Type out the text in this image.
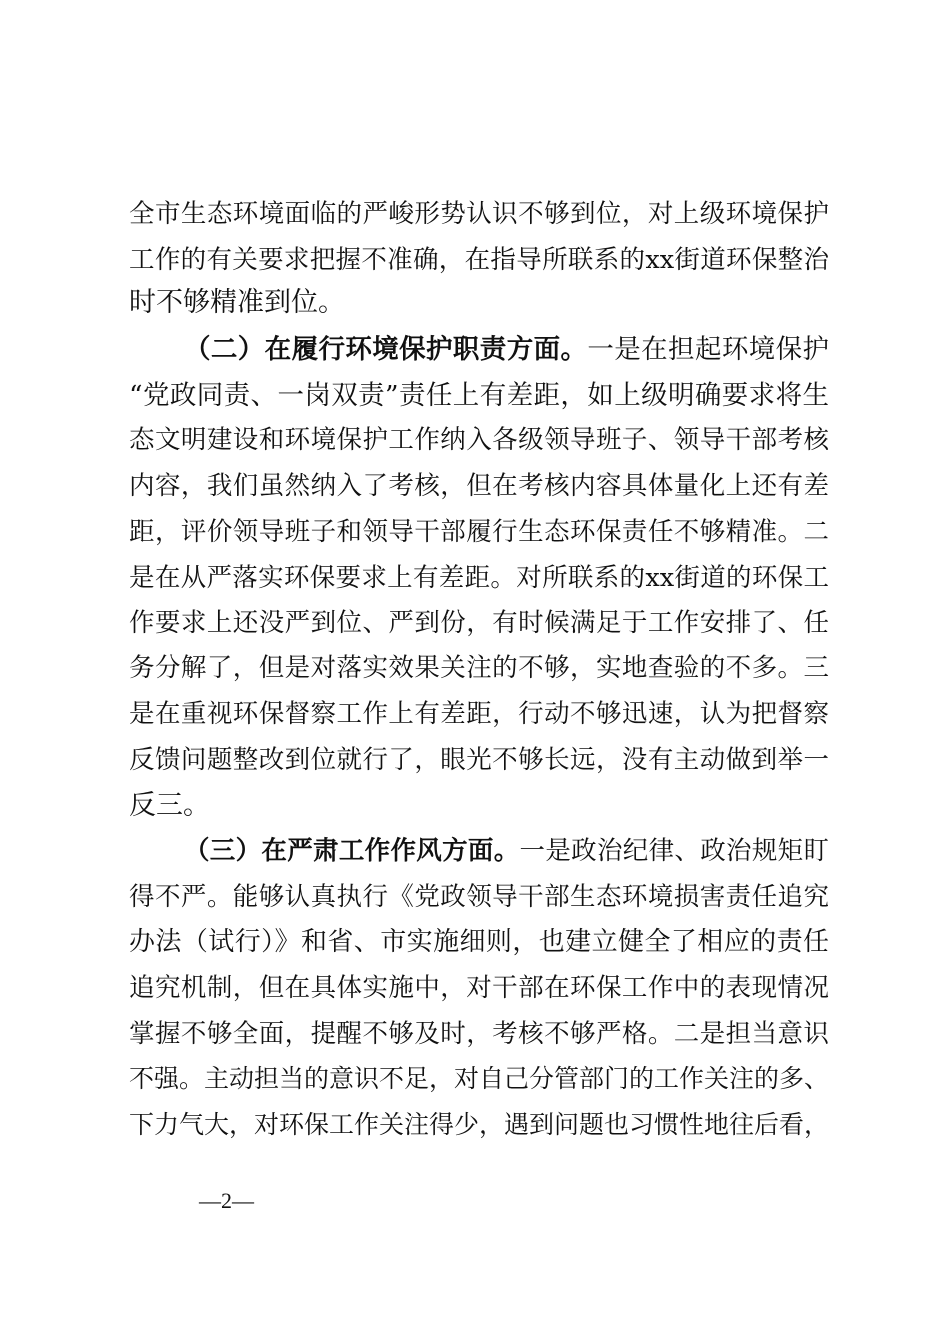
全市生态环境面临的严峻形势认识不够到位，对上级环境保护
工作的有关要求把握不准确，在指导所联系的xx街道环保整治
时不够精准到位。
（二）在履行环境保护职责方面。一是在担起环境保护
“党政同责、一岗双责”责任上有差距，如上级明确要求将生
态文明建设和环境保护工作纳入各级领导班子、领导干部考核
内容，我们虽然纳入了考核，但在考核内容具体量化上还有差
距，评价领导班子和领导干部履行生态环保责任不够精准。二
是在从严落实环保要求上有差距。对所联系的xx街道的环保工
作要求上还没严到位、严到份，有时候满足于工作安排了、任
务分解了，但是对落实效果关注的不够，实地查验的不多。三
是在重视环保督察工作上有差距，行动不够迅速，认为把督察
反馈问题整改到位就行了，眼光不够长远，没有主动做到举一
反三。
（三）在严肃工作作风方面。一是政治纪律、政治规矩盯
得不严。能够认真执行《党政领导干部生态环境损害责任追究
办法（试行）》和省、市实施细则，也建立健全了相应的责任
追究机制，但在具体实施中，对干部在环保工作中的表现情况
掌握不够全面，提醒不够及时，考核不够严格。二是担当意识
不强。主动担当的意识不足，对自己分管部门的工作关注的多、
下力气大，对环保工作关注得少，遇到问题也习惯性地往后看，
—2—
